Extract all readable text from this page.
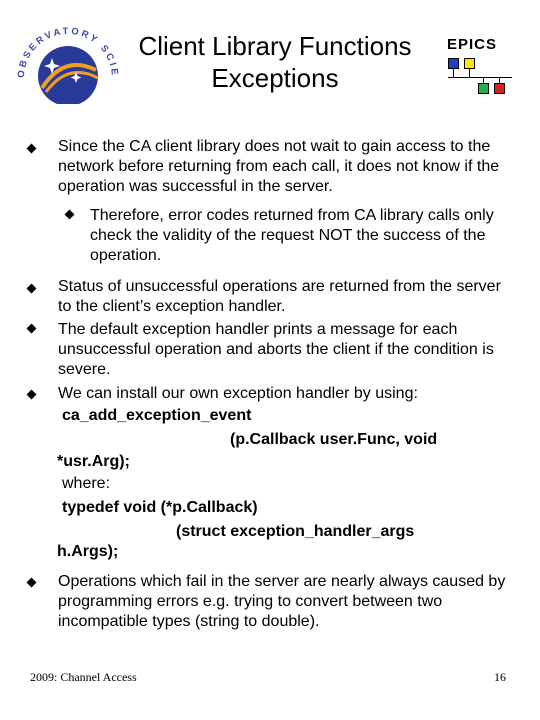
OBSERVATORY SCIE
Client Library Functions
Exceptions
EPICS
Since the CA client library does not wait to gain access to the network before returning from each call, it does not know if the operation was successful in the server.
Therefore, error codes returned from CA library calls only check the validity of the request NOT the success of the operation.
Status of unsuccessful operations are returned from the server to the client’s exception handler.
The default exception handler prints a message for each unsuccessful operation and aborts the client if the condition is severe.
We can install our own exception handler by using:
ca_add_exception_event
(p.Callback user.Func, void
*usr.Arg);
where:
typedef void (*p.Callback)
(struct exception_handler_args
h.Args);
Operations which fail in the server are nearly always caused by programming errors e.g. trying to convert between two incompatible types (string to double).
2009: Channel Access	16
